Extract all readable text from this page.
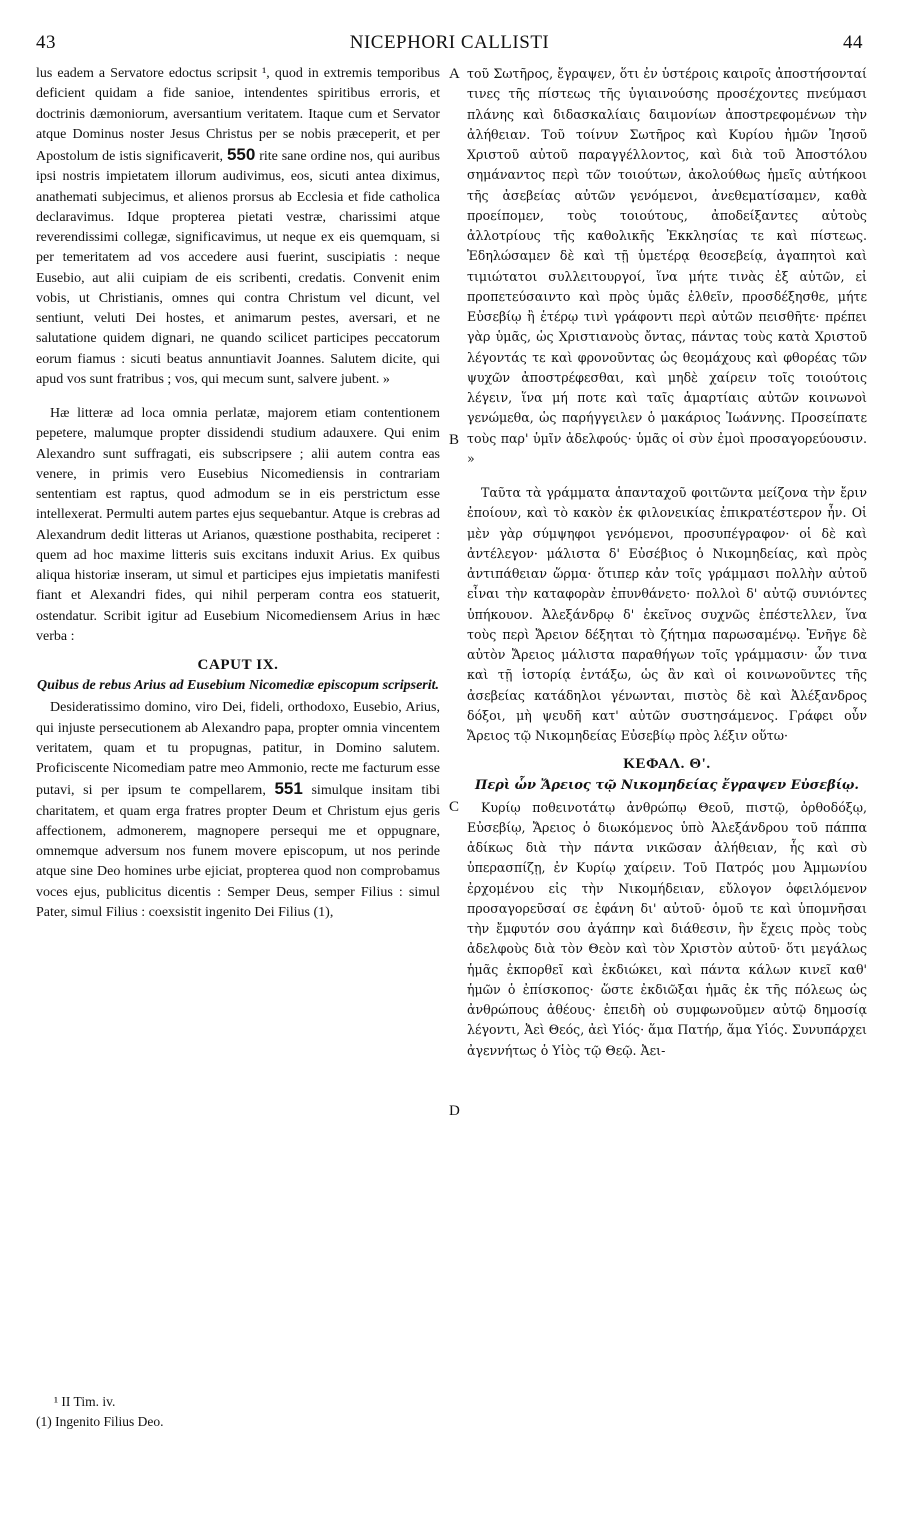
43	NICEPHORI CALLISTI	44
A
B
C
D

lus eadem a Servatore edoctus scripsit ¹, quod in extremis temporibus deficient quidam a fide sanioe, intendentes spiritibus erroris, et doctrinis dæmoniorum, aversantium veritatem. Itaque cum et Servator atque Dominus noster Jesus Christus per se nobis præceperit, et per Apostolum de istis significaverit, 550 rite sane ordine nos, qui auribus ipsi nostris impietatem illorum audivimus, eos, sicuti antea diximus, anathemati subjecimus, et alienos prorsus ab Ecclesia et fide catholica declaravimus. Idque propterea pietati vestræ, charissimi atque reverendissimi collegæ, significavimus, ut neque ex eis quemquam, si per temeritatem ad vos accedere ausi fuerint, suscipiatis : neque Eusebio, aut alii cuipiam de eis scribenti, credatis. Convenit enim vobis, ut Christianis, omnes qui contra Christum vel dicunt, vel sentiunt, veluti Dei hostes, et animarum pestes, aversari, et ne salutatione quidem dignari, ne quando scilicet participes peccatorum eorum fiamus : sicuti beatus annuntiavit Joannes. Salutem dicite, qui apud vos sunt fratribus ; vos, qui mecum sunt, salvere jubent. »

Hæ litteræ ad loca omnia perlatæ, majorem etiam contentionem pepetere, malumque propter dissidendi studium adauxere. Qui enim Alexandro sunt suffragati, eis subscripsere ; alii autem contra eas venere, in primis vero Eusebius Nicomediensis in contrariam sententiam est raptus, quod admodum se in eis perstrictum esse intellexerat. Permulti autem partes ejus sequebantur. Atque is crebras ad Alexandrum dedit litteras ut Arianos, quæstione posthabita, reciperet : quem ad hoc maxime litteris suis excitans induxit Arius. Ex quibus aliqua historiæ inseram, ut simul et participes ejus impietatis manifesti fiant et Alexandri fides, qui nihil perperam contra eos statuerit, ostendatur. Scribit igitur ad Eusebium Nicomediensem Arius in hæc verba :

CAPUT IX.
Quibus de rebus Arius ad Eusebium Nicomediæ episcopum scripserit.

Desideratissimo domino, viro Dei, fideli, orthodoxo, Eusebio, Arius, qui injuste persecutionem ab Alexandro papa, propter omnia vincentem veritatem, quam et tu propugnas, patitur, in Domino salutem. Proficiscente Nicomediam patre meo Ammonio, recte me facturum esse putavi, si per ipsum te compellarem, 551 simulque insitam tibi charitatem, et quam erga fratres propter Deum et Christum ejus geris affectionem, admonerem, magnopere persequi me et oppugnare, omnemque adversum nos funem movere episcopum, ut nos perinde atque sine Deo homines urbe ejiciat, propterea quod non comprobamus voces ejus, publicitus dicentis : Semper Deus, semper Filius : simul Pater, simul Filius : coexsistit ingenito Dei Filius (1),

τοῦ Σωτῆρος, ἔγραψεν, ὅτι ἐν ὑστέροις καιροῖς ἀποστήσονταί τινες τῆς πίστεως τῆς ὑγιαινούσης προσέχοντες πνεύμασι πλάνης καὶ διδασκαλίαις δαιμονίων ἀποστρεφομένων τὴν ἀλήθειαν. Τοῦ τοίνυν Σωτῆρος καὶ Κυρίου ἡμῶν Ἰησοῦ Χριστοῦ αὐτοῦ παραγγέλλοντος, καὶ διὰ τοῦ Ἀποστόλου σημάναντος περὶ τῶν τοιούτων, ἀκολούθως ἡμεῖς αὐτήκοοι τῆς ἀσεβείας αὐτῶν γενόμενοι, ἀνεθεματίσαμεν, καθὰ προείπομεν, τοὺς τοιούτους, ἀποδείξαντες αὐτοὺς ἀλλοτρίους τῆς καθολικῆς Ἐκκλησίας τε καὶ πίστεως. Ἐδηλώσαμεν δὲ καὶ τῇ ὑμετέρᾳ θεοσεβείᾳ, ἀγαπητοὶ καὶ τιμιώτατοι συλλειτουργοί, ἵνα μήτε τινὰς ἐξ αὐτῶν, εἰ προπετεύσαιντο καὶ πρὸς ὑμᾶς ἐλθεῖν, προσδέξησθε, μήτε Εὐσεβίῳ ἢ ἑτέρῳ τινὶ γράφοντι περὶ αὐτῶν πεισθῆτε· πρέπει γὰρ ὑμᾶς, ὡς Χριστιανοὺς ὄντας, πάντας τοὺς κατὰ Χριστοῦ λέγοντάς τε καὶ φρονοῦντας ὡς θεομάχους καὶ φθορέας τῶν ψυχῶν ἀποστρέφεσθαι, καὶ μηδὲ χαίρειν τοῖς τοιούτοις λέγειν, ἵνα μή ποτε καὶ ταῖς ἁμαρτίαις αὐτῶν κοινωνοὶ γενώμεθα, ὡς παρήγγειλεν ὁ μακάριος Ἰωάννης. Προσείπατε τοὺς παρ' ὑμῖν ἀδελφούς· ὑμᾶς οἱ σὺν ἐμοὶ προσαγορεύουσιν. »

Ταῦτα τὰ γράμματα ἁπανταχοῦ φοιτῶντα μείζονα τὴν ἔριν ἐποίουν, καὶ τὸ κακὸν ἐκ φιλονεικίας ἐπικρατέστερον ἦν. Οἱ μὲν γὰρ σύμψηφοι γενόμενοι, προσυπέγραφον· οἱ δὲ καὶ ἀντέλεγον· μάλιστα δ' Εὐσέβιος ὁ Νικομηδείας, καὶ πρὸς ἀντιπάθειαν ὥρμα· ὅτιπερ κἀν τοῖς γράμμασι πολλὴν αὐτοῦ εἶναι τὴν καταφορὰν ἐπυνθάνετο· πολλοὶ δ' αὐτῷ συνιόντες ὑπήκουον. Ἀλεξάνδρῳ δ' ἐκεῖνος συχνῶς ἐπέστελλεν, ἵνα τοὺς περὶ Ἄρειον δέξηται τὸ ζήτημα παρωσαμένῳ. Ἐνῆγε δὲ αὐτὸν Ἄρειος μάλιστα παραθήγων τοῖς γράμμασιν· ὧν τινα καὶ τῇ ἱστορίᾳ ἐντάξω, ὡς ἂν καὶ οἱ κοινωνοῦντες τῆς ἀσεβείας κατάδηλοι γένωνται, πιστὸς δὲ καὶ Ἀλέξανδρος δόξοι, μὴ ψευδῆ κατ' αὐτῶν συστησάμενος. Γράφει οὖν Ἄρειος τῷ Νικομηδείας Εὐσεβίῳ πρὸς λέξιν οὕτω·

ΚΕΦΑΛ. Θ'.
Περὶ ὧν Ἄρειος τῷ Νικομηδείας ἔγραψεν Εὐσεβίῳ.

Κυρίῳ ποθεινοτάτῳ ἀνθρώπῳ Θεοῦ, πιστῷ, ὀρθοδόξῳ, Εὐσεβίῳ, Ἄρειος ὁ διωκόμενος ὑπὸ Ἀλεξάνδρου τοῦ πάππα ἀδίκως διὰ τὴν πάντα νικῶσαν ἀλήθειαν, ἧς καὶ σὺ ὑπερασπίζῃ, ἐν Κυρίῳ χαίρειν. Τοῦ Πατρός μου Ἀμμωνίου ἐρχομένου εἰς τὴν Νικομήδειαν, εὔλογον ὀφειλόμενον προσαγορεῦσαί σε ἐφάνη δι' αὐτοῦ· ὁμοῦ τε καὶ ὑπομνῆσαι τὴν ἔμφυτόν σου ἀγάπην καὶ διάθεσιν, ἣν ἔχεις πρὸς τοὺς ἀδελφοὺς διὰ τὸν Θεὸν καὶ τὸν Χριστὸν αὐτοῦ· ὅτι μεγάλως ἡμᾶς ἐκπορθεῖ καὶ ἐκδιώκει, καὶ πάντα κάλων κινεῖ καθ' ἡμῶν ὁ ἐπίσκοπος· ὥστε ἐκδιῶξαι ἡμᾶς ἐκ τῆς πόλεως ὡς ἀνθρώπους ἀθέους· ἐπειδὴ οὐ συμφωνοῦμεν αὐτῷ δημοσίᾳ λέγοντι, Ἀεὶ Θεός, ἀεὶ Υἱός· ἅμα Πατήρ, ἅμα Υἱός. Συνυπάρχει ἀγεννήτως ὁ Υἱὸς τῷ Θεῷ. Ἀει-

¹ II Tim. iv.
(1) Ingenito Filius Deo.
